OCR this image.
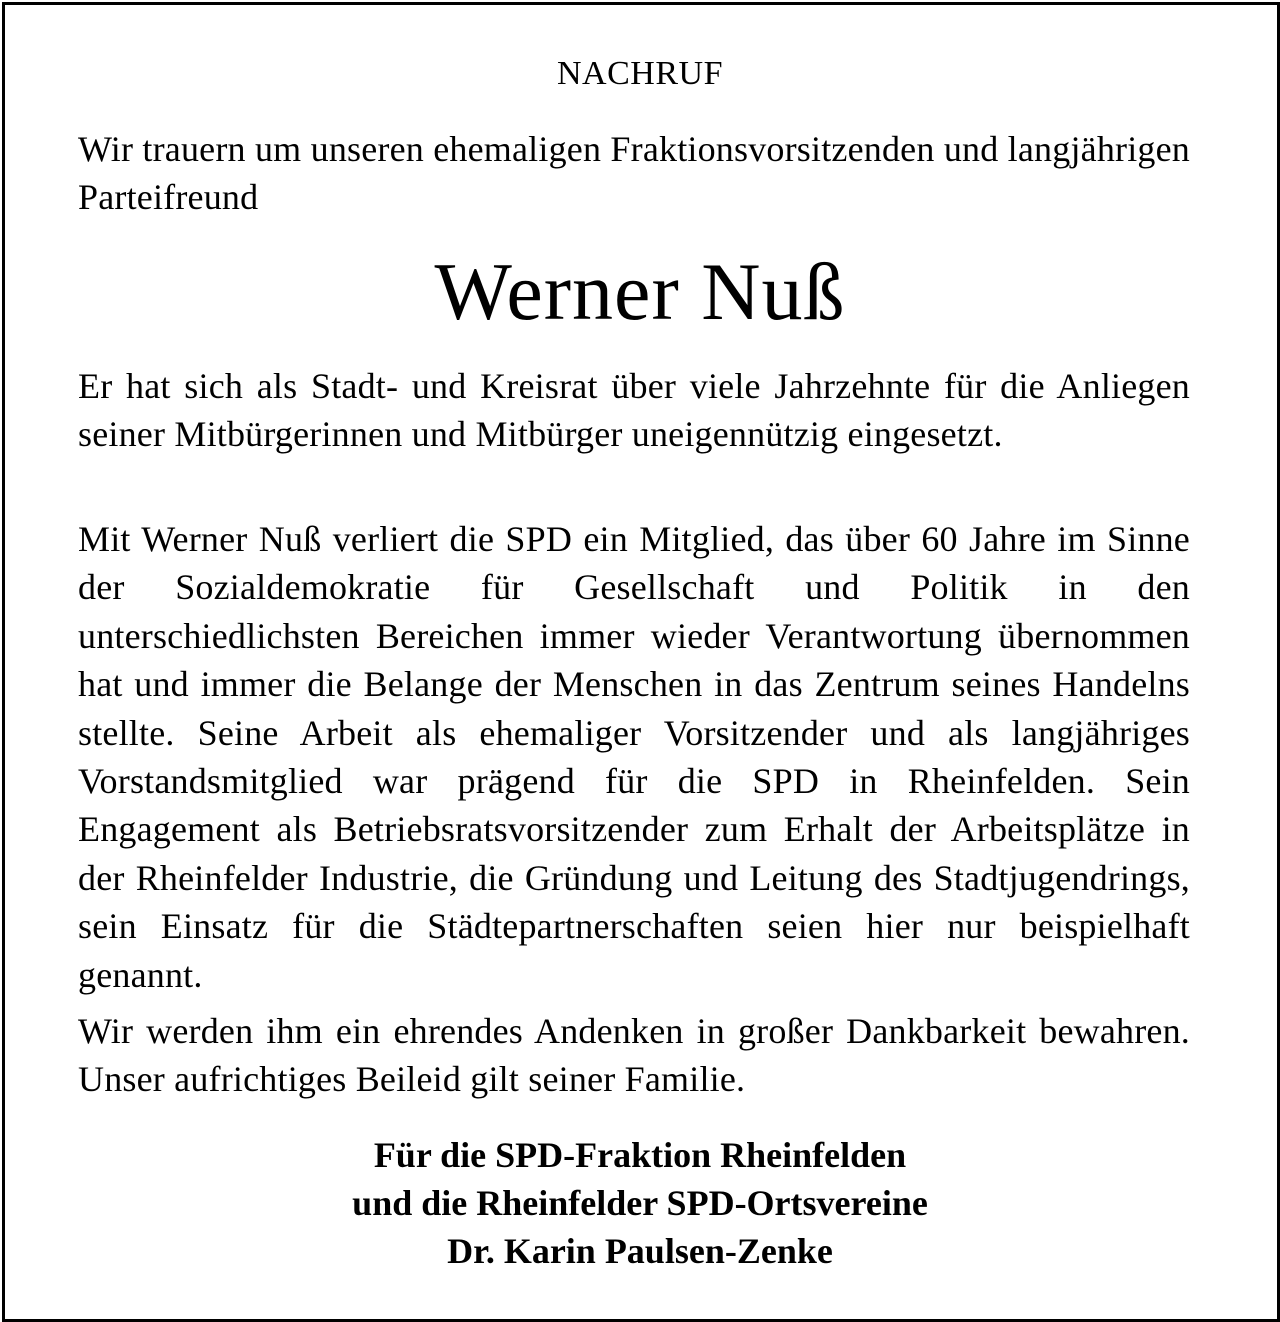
NACHRUF

Wir trauern um unseren ehemaligen Fraktionsvorsitzenden und langjährigen Parteifreund

Werner Nuß

Er hat sich als Stadt- und Kreisrat über viele Jahrzehnte für die Anliegen seiner Mitbürgerinnen und Mitbürger uneigennützig eingesetzt.

Mit Werner Nuß verliert die SPD ein Mitglied, das über 60 Jahre im Sinne der Sozialdemokratie für Gesellschaft und Politik in den unterschiedlichsten Bereichen immer wieder Verantwortung übernommen hat und immer die Belange der Menschen in das Zentrum seines Handelns stellte. Seine Arbeit als ehemaliger Vorsitzender und als langjähriges Vorstandsmitglied war prägend für die SPD in Rheinfelden. Sein Engagement als Betriebsratsvorsitzender zum Erhalt der Arbeitsplätze in der Rheinfelder Industrie, die Gründung und Leitung des Stadtjugendrings, sein Einsatz für die Städtepartnerschaften seien hier nur beispielhaft genannt.

Wir werden ihm ein ehrendes Andenken in großer Dankbarkeit bewahren. Unser aufrichtiges Beileid gilt seiner Familie.

Für die SPD-Fraktion Rheinfelden
und die Rheinfelder SPD-Ortsvereine
Dr. Karin Paulsen-Zenke
